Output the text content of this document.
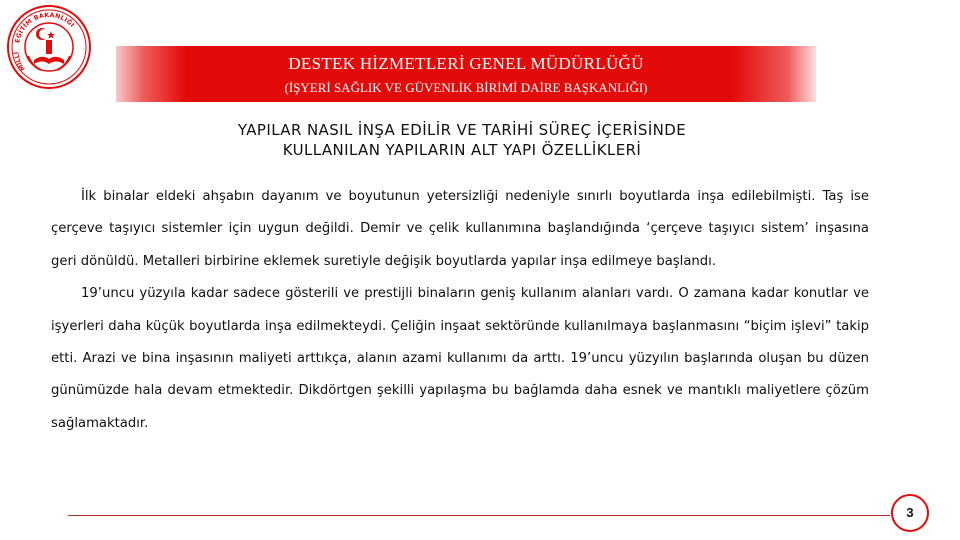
EĞİTİM BAKANLIĞI
MİLLÎ
DESTEK HİZMETLERİ GENEL MÜDÜRLÜĞÜ
(İŞYERİ SAĞLIK VE GÜVENLİK BİRİMİ DAİRE BAŞKANLIĞI)
YAPILAR NASIL İNŞA EDİLİR VE TARİHİ SÜREÇ İÇERİSİNDE
KULLANILAN YAPILARIN ALT YAPI ÖZELLİKLERİ

İlk binalar eldeki ahşabın dayanım ve boyutunun yetersizliği nedeniyle sınırlı boyutlarda inşa edilebilmişti. Taş ise çerçeve taşıyıcı sistemler için uygun değildi. Demir ve çelik kullanımına başlandığında ‘çerçeve taşıyıcı sistem’ inşasına geri dönüldü. Metalleri birbirine eklemek suretiyle değişik boyutlarda yapılar inşa edilmeye başlandı.

19’uncu yüzyıla kadar sadece gösterili ve prestijli binaların geniş kullanım alanları vardı. O zamana kadar konutlar ve işyerleri daha küçük boyutlarda inşa edilmekteydi. Çeliğin inşaat sektöründe kullanılmaya başlanmasını “biçim işlevi” takip etti. Arazi ve bina inşasının maliyeti arttıkça, alanın azami kullanımı da arttı. 19’uncu yüzyılın başlarında oluşan bu düzen günümüzde hala devam etmektedir. Dikdörtgen şekilli yapılaşma bu bağlamda daha esnek ve mantıklı maliyetlere çözüm sağlamaktadır.

3
